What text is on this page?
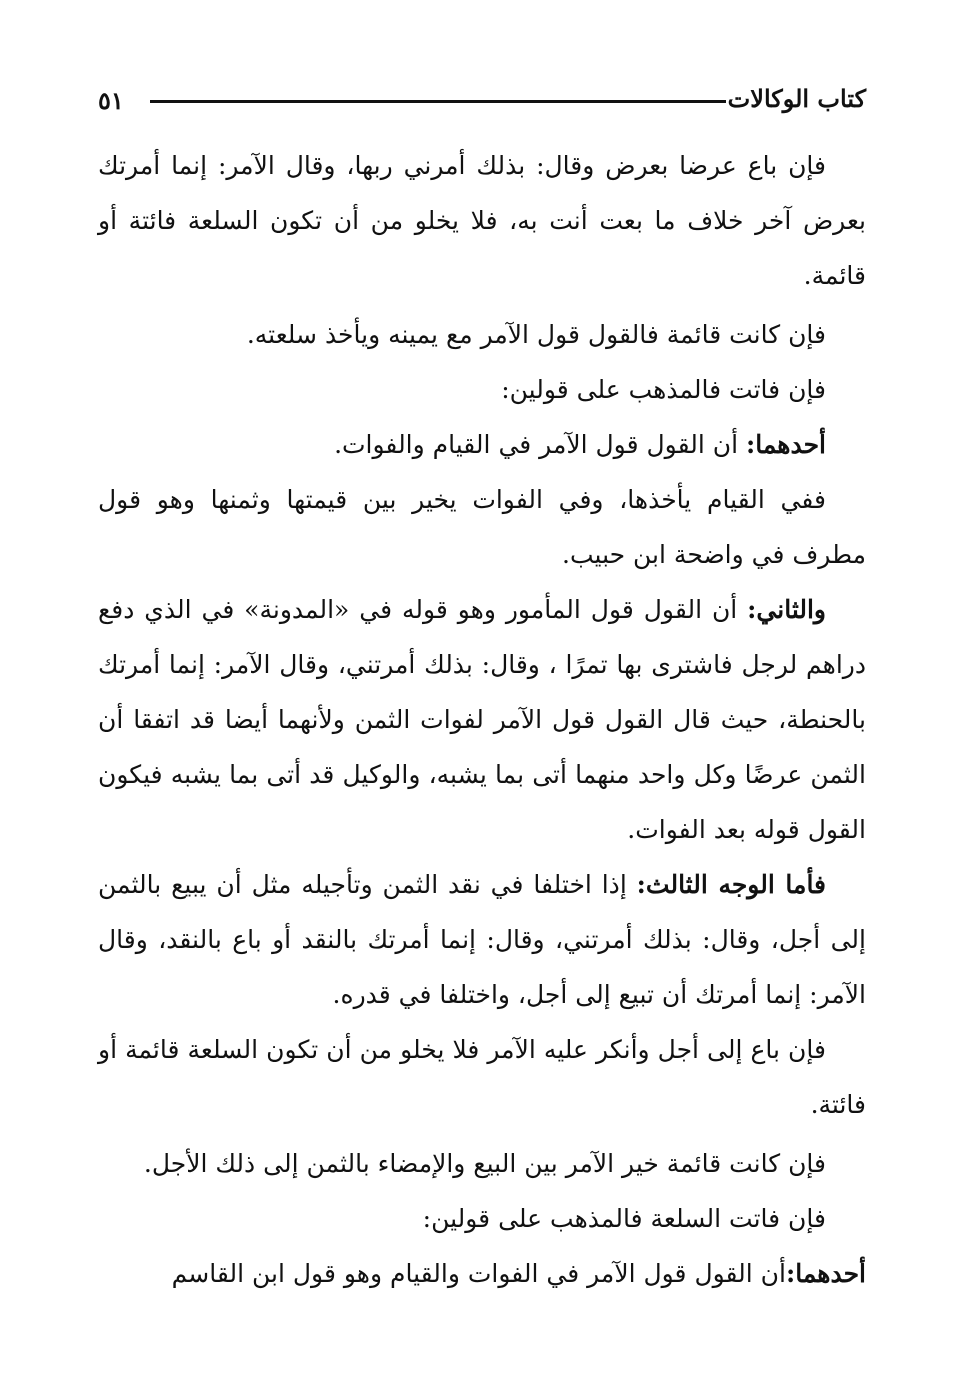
كتاب الوكالات
٥١

فإن باع عرضا بعرض وقال: بذلك أمرني ربها، وقال الآمر: إنما أمرتك بعرض آخر خلاف ما بعت أنت به، فلا يخلو من أن تكون السلعة فائتة أو قائمة.

فإن كانت قائمة فالقول قول الآمر مع يمينه ويأخذ سلعته.

فإن فاتت فالمذهب على قولين:

أحدهما: أن القول قول الآمر في القيام والفوات.

ففي القيام يأخذها، وفي الفوات يخير بين قيمتها وثمنها وهو قول مطرف في واضحة ابن حبيب.

والثاني: أن القول قول المأمور وهو قوله في «المدونة» في الذي دفع دراهم لرجل فاشترى بها تمرًا ، وقال: بذلك أمرتني، وقال الآمر: إنما أمرتك بالحنطة، حيث قال القول قول الآمر لفوات الثمن ولأنهما أيضا قد اتفقا أن الثمن عرضًا وكل واحد منهما أتى بما يشبه، والوكيل قد أتى بما يشبه فيكون القول قوله بعد الفوات.

فأما الوجه الثالث: إذا اختلفا في نقد الثمن وتأجيله مثل أن يبيع بالثمن إلى أجل، وقال: بذلك أمرتني، وقال: إنما أمرتك بالنقد أو باع بالنقد، وقال الآمر: إنما أمرتك أن تبيع إلى أجل، واختلفا في قدره.

فإن باع إلى أجل وأنكر عليه الآمر فلا يخلو من أن تكون السلعة قائمة أو فائتة.

فإن كانت قائمة خير الآمر بين البيع والإمضاء بالثمن إلى ذلك الأجل.

فإن فاتت السلعة فالمذهب على قولين:

أحدهما:أن القول قول الآمر في الفوات والقيام وهو قول ابن القاسم
